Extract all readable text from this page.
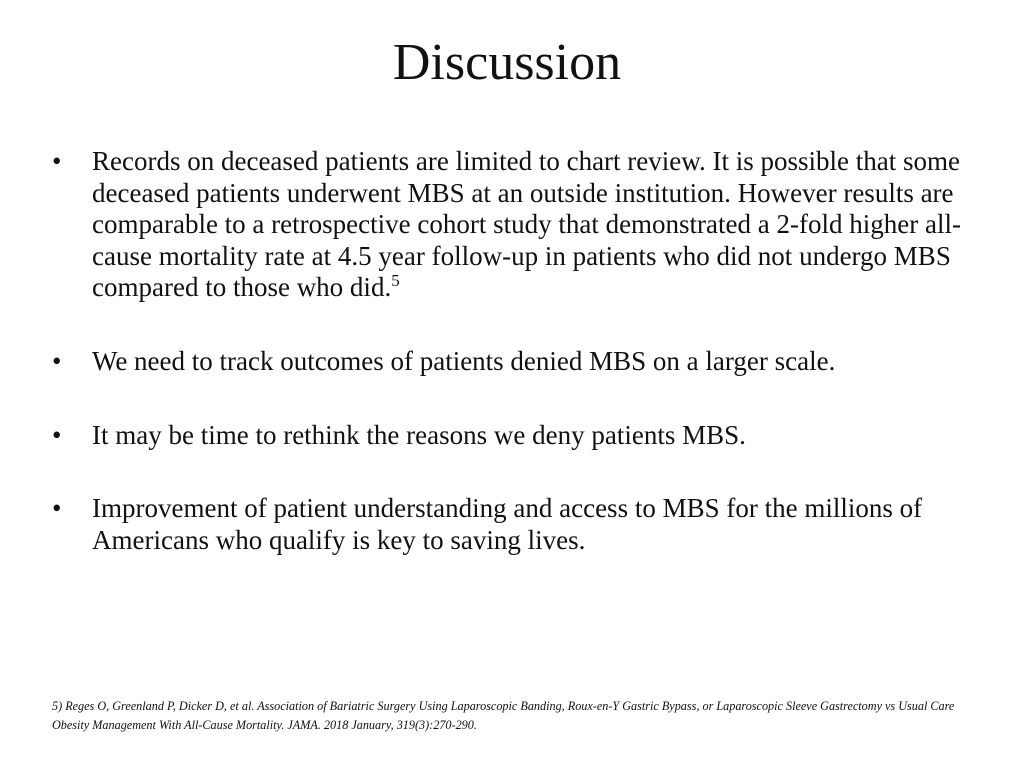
Discussion
•	Records on deceased patients are limited to chart review. It is possible that some deceased patients underwent MBS at an outside institution. However results are comparable to a retrospective cohort study that demonstrated a 2-fold higher all-cause mortality rate at 4.5 year follow-up in patients who did not undergo MBS compared to those who did.$^5$
•	We need to track outcomes of patients denied MBS on a larger scale.
•	It may be time to rethink the reasons we deny patients MBS.
•	Improvement of patient understanding and access to MBS for the millions of Americans who qualify is key to saving lives.

5) Reges O, Greenland P, Dicker D, et al. Association of Bariatric Surgery Using Laparoscopic Banding, Roux-en-Y Gastric Bypass, or Laparoscopic Sleeve Gastrectomy vs Usual Care Obesity Management With All-Cause Mortality. JAMA. 2018 January, 319(3):270-290.
